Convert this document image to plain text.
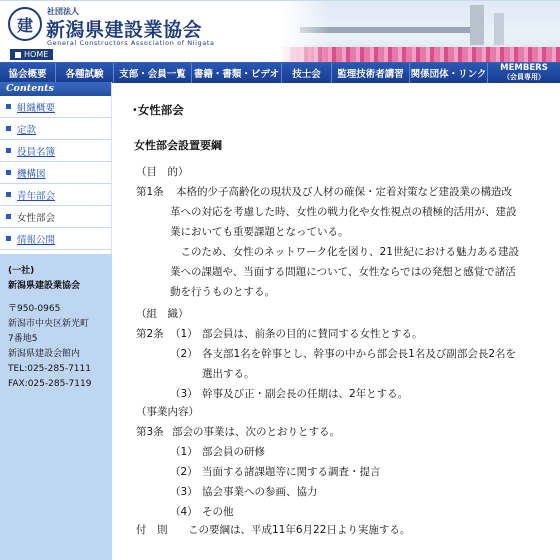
建
社団法人
新潟県建設業協会
General Constructors Association of Niigata
HOME
協会概要	各種試験	支部・会員一覧 書籍・書類・ビデオ	技士会	監理技術者講習 関係団体・リンク
MEMBERS
（会員専用）
Contents
組織概要
定款
役員名簿
機構図
青年部会
女性部会
情報公開
(一社)
新潟県建設業協会
〒950-0965
新潟市中央区新光町
7番地5
新潟県建設会館内
TEL:025-285-7111
FAX:025-285-7119
･女性部会
女性部会設置要綱
（目　的）
第1条 本格的少子高齢化の現状及び人材の確保・定着対策など建設業の構造改
革への対応を考慮した時、女性の戦力化や女性視点の積極的活用が、建設
業においても重要課題となっている。
　このため、女性のネットワーク化を図り、21世紀における魅力ある建設
業への課題や、当面する問題について、女性ならではの発想と感覚で諸活
動を行うものとする。
（組　織）
第2条 （1） 部会員は、前条の目的に賛同する女性とする。
（2） 各支部1名を幹事とし、幹事の中から部会長1名及び副部会長2名を
選出する。
（3） 幹事及び正・副会長の任期は、2年とする。
（事業内容）
第3条 部会の事業は、次のとおりとする。
（1） 部会員の研修
（2） 当面する諸課題等に関する調査・提言
（3） 協会事業への参画、協力
（4） その他
付　則 この要綱は、平成11年6月22日より実施する。
